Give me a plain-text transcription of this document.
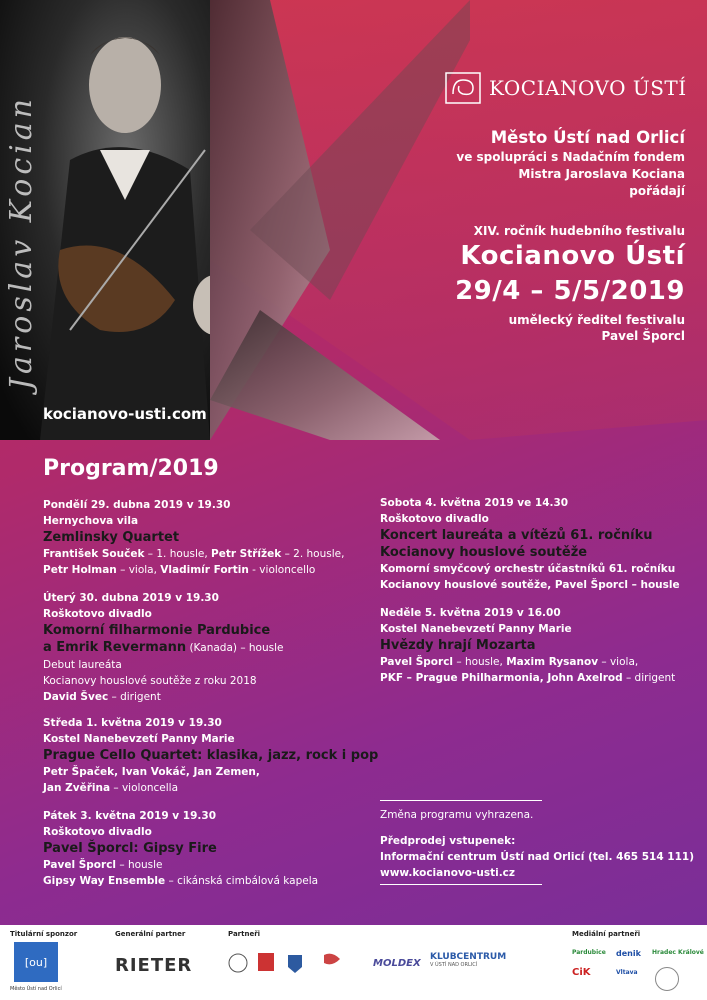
Jaroslav Kocian
kocianovo-usti.com
KOCIANOVO ÚSTÍ
Město Ústí nad Orlicí
ve spolupráci s Nadačním fondem
Mistra Jaroslava Kociana
pořádají
XIV. ročník hudebního festivalu
Kocianovo Ústí
29/4 – 5/5/2019
umělecký ředitel festivalu
Pavel Šporcl
Program/2019
Pondělí 29. dubna 2019 v 19.30
Hernychova vila
Zemlinsky Quartet
František Souček – 1. housle, Petr Střížek – 2. housle,
Petr Holman – viola, Vladimír Fortin - violoncello
Úterý 30. dubna 2019 v 19.30
Roškotovo divadlo
Komorní filharmonie Pardubice
a Emrik Revermann (Kanada) – housle
Debut laureáta
Kocianovy houslové soutěže z roku 2018
David Švec – dirigent
Středa 1. května 2019 v 19.30
Kostel Nanebevzetí Panny Marie
Prague Cello Quartet: klasika, jazz, rock i pop
Petr Špaček, Ivan Vokáč, Jan Zemen,
Jan Zvěřina – violoncella
Pátek 3. května 2019 v 19.30
Roškotovo divadlo
Pavel Šporcl: Gipsy Fire
Pavel Šporcl – housle
Gipsy Way Ensemble – cikánská cimbálová kapela
Sobota 4. května 2019 ve 14.30
Roškotovo divadlo
Koncert laureáta a vítězů 61. ročníku
Kocianovy houslové soutěže
Komorní smyčcový orchestr účastníků 61. ročníku
Kocianovy houslové soutěže, Pavel Šporcl – housle
Neděle 5. května 2019 v 16.00
Kostel Nanebevzetí Panny Marie
Hvězdy hrají Mozarta
Pavel Šporcl – housle, Maxim Rysanov – viola,
PKF – Prague Philharmonia, John Axelrod – dirigent
Změna programu vyhrazena.
Předprodej vstupenek:
Informační centrum Ústí nad Orlicí (tel. 465 514 111)
www.kocianovo-usti.cz
Titulární sponzor	Generální partner	Partneři	Mediální partneři
[ou]
Město Ústí nad Orlicí
RIETER	MOLDEX
KLUBCENTRUM
V ÚSTÍ NAD ORLICÍ
Pardubice denik Hradec Králové
CiK	Vltava
